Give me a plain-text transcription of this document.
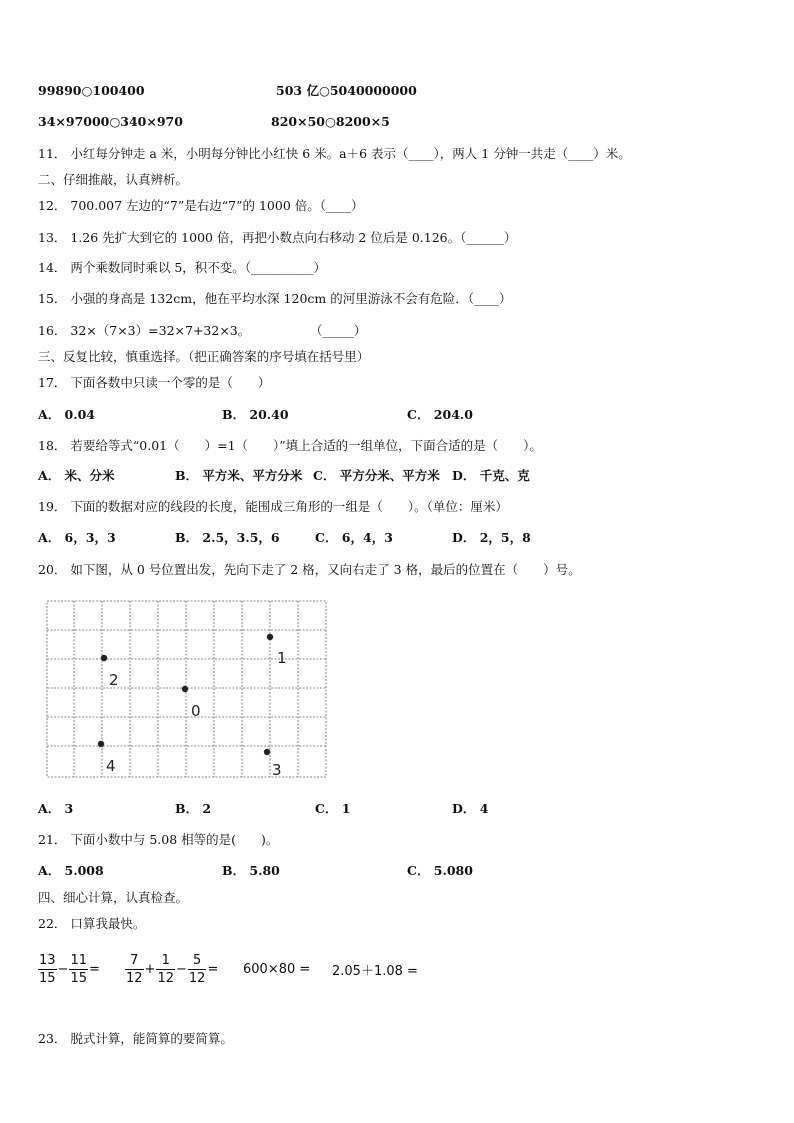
99890○100400	503 亿○5040000000
34×97000○340×970	820×50○8200×5
11． 小红每分钟走 a 米，小明每分钟比小红快 6 米。a＋6 表示（____），两人 1 分钟一共走（____）米。
二、仔细推敲，认真辨析。
12． 700.007 左边的“7”是右边“7”的 1000 倍。（____）
13． 1.26 先扩大到它的 1000 倍，再把小数点向右移动 2 位后是 0.126。（______）
14． 两个乘数同时乘以 5，积不变。（__________）
15． 小强的身高是 132cm，他在平均水深 120cm 的河里游泳不会有危险．（____）
16． 32×（7×3）=32×7+32×3。	（_____）
三、反复比较，慎重选择。（把正确答案的序号填在括号里）
17． 下面各数中只读一个零的是（　　）
A． 0.04	B． 20.40	C． 204.0
18． 若要给等式“0.01（　　）=1（　　）”填上合适的一组单位，下面合适的是（　　）。
A． 米、分米	B． 平方米、平方分米 C． 平方分米、平方米 D． 千克、克
19． 下面的数据对应的线段的长度，能围成三角形的一组是（　　）。（单位：厘米）
A． 6，3，3	B． 2.5，3.5，6	C． 6，4，3	D． 2，5，8
20． 如下图，从 0 号位置出发，先向下走了 2 格，又向右走了 3 格，最后的位置在（　　）号。
1
2
0
4	3
A． 3	B． 2	C． 1	D． 4
21． 下面小数中与 5.08 相等的是(　　)。
A． 5.008	B． 5.80	C． 5.080
四、细心计算，认真检查。
22． 口算我最快。
$\frac{13}{15} - \frac{11}{15} = \frac{7}{12} + \frac{1}{12} - \frac{5}{12} = 600\times 80 = 2.05+1.08$ =
23． 脱式计算，能简算的要简算。
